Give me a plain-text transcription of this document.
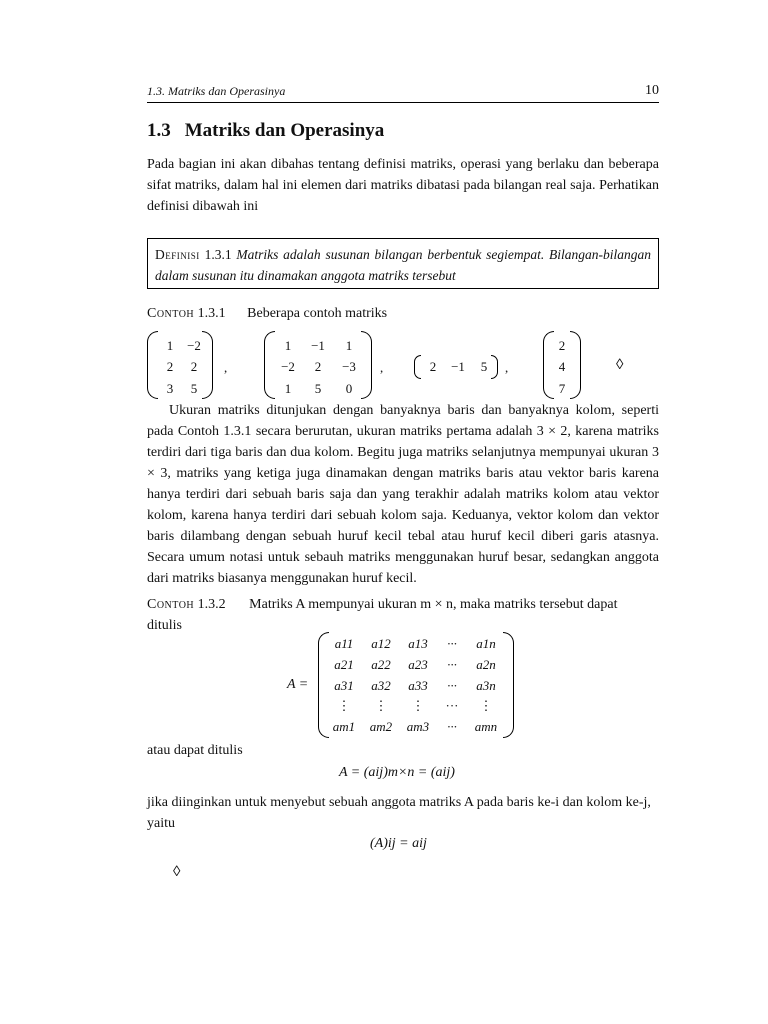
1.3. Matriks dan Operasinya	10
1.3 Matriks dan Operasinya

Pada bagian ini akan dibahas tentang definisi matriks, operasi yang berlaku dan beberapa sifat matriks, dalam hal ini elemen dari matriks dibatasi pada bilangan real saja. Perhatikan definisi dibawah ini

Definisi 1.3.1 Matriks adalah susunan bilangan berbentuk segiempat. Bilangan-bilangan dalam susunan itu dinamakan anggota matriks tersebut
Contoh 1.3.1 Beberapa contoh matriks
1	−2
2	2
3	5
,
1	−1	1
−2	2	−3
1	5	0
,	2	−1	5	,
2
4
7
◊

Ukuran matriks ditunjukan dengan banyaknya baris dan banyaknya kolom, seperti pada Contoh 1.3.1 secara berurutan, ukuran matriks pertama adalah 3 × 2, karena matriks terdiri dari tiga baris dan dua kolom. Begitu juga matriks selanjutnya mempunyai ukuran 3 × 3, matriks yang ketiga juga dinamakan dengan matriks baris atau vektor baris karena hanya terdiri dari sebuah baris saja dan yang terakhir adalah matriks kolom atau vektor kolom, karena hanya terdiri dari sebuah kolom saja. Keduanya, vektor kolom dan vektor baris dilambang dengan sebuah huruf kecil tebal atau huruf kecil diberi garis atasnya. Secara umum notasi untuk sebauh matriks menggunakan huruf besar, sedangkan anggota dari matriks biasanya menggunakan huruf kecil.

Contoh 1.3.2 Matriks A mempunyai ukuran m × n, maka matriks tersebut dapat
ditulis
A =
a11	a12	a13	···	a1n
a21	a22	a23	···	a2n
a31	a32	a33	···	a3n
⋮	⋮	⋮	···	⋮
am1	am2	am3	···	amn
atau dapat ditulis
A = (aij)m×n = (aij)
jika diinginkan untuk menyebut sebuah anggota matriks A pada baris ke-i dan kolom ke-j,
yaitu
(A)ij = aij
◊
